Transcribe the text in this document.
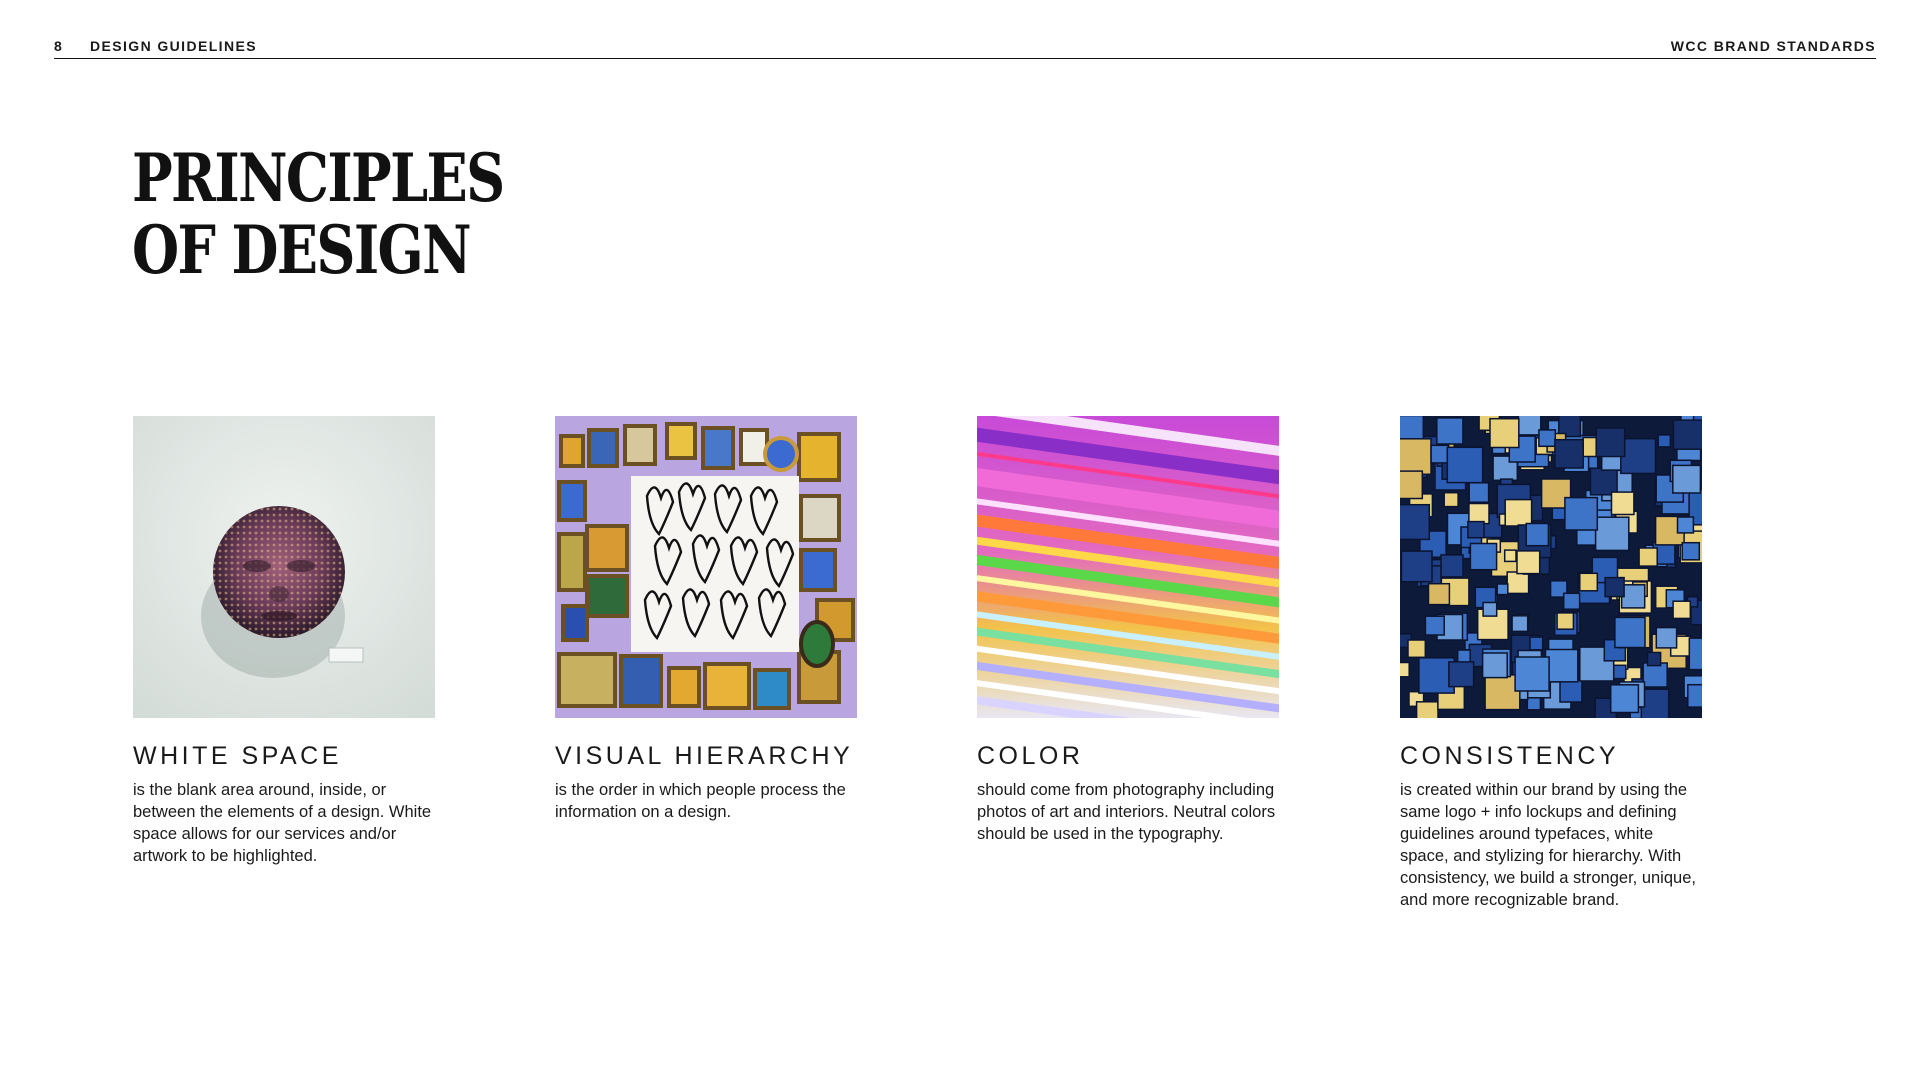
8 DESIGN GUIDELINES	WCC BRAND STANDARDS
PRINCIPLES
OF DESIGN
WHITE SPACE

is the blank area around, inside, or between the elements of a design. White space allows for our services and/or artwork to be highlighted.

VISUAL HIERARCHY

is the order in which people process the information on a design.

COLOR

should come from photography including photos of art and interiors. Neutral colors should be used in the typography.

CONSISTENCY

is created within our brand by using the same logo + info lockups and defining guidelines around typefaces, white space, and stylizing for hierarchy. With consistency, we build a stronger, unique, and more recognizable brand.
